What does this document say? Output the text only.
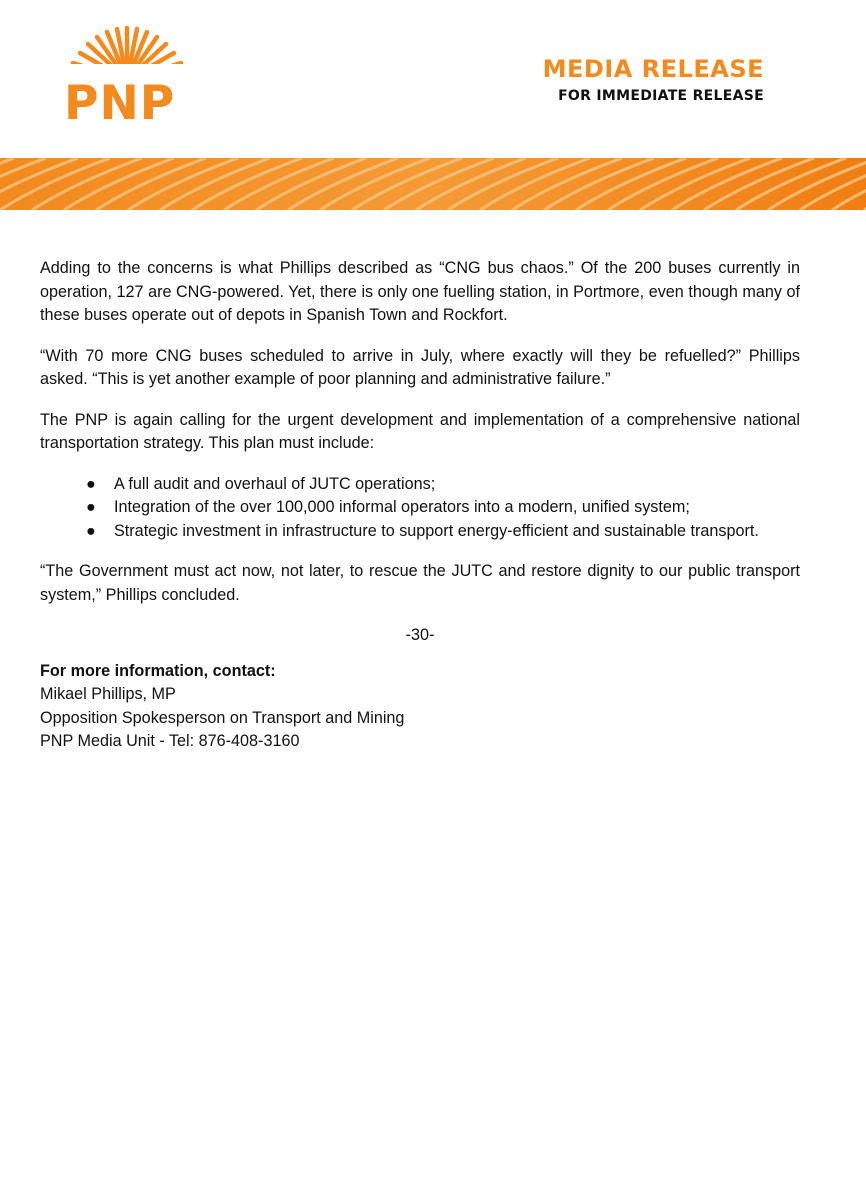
PNP
MEDIA RELEASE
FOR IMMEDIATE RELEASE

Adding to the concerns is what Phillips described as “CNG bus chaos.” Of the 200 buses currently in operation, 127 are CNG-powered. Yet, there is only one fuelling station, in Portmore, even though many of these buses operate out of depots in Spanish Town and Rockfort.

“With 70 more CNG buses scheduled to arrive in July, where exactly will they be refuelled?” Phillips asked. “This is yet another example of poor planning and administrative failure.”

The PNP is again calling for the urgent development and implementation of a comprehensive national transportation strategy. This plan must include:

● A full audit and overhaul of JUTC operations;
● Integration of the over 100,000 informal operators into a modern, unified system;
● Strategic investment in infrastructure to support energy-efficient and sustainable transport.

“The Government must act now, not later, to rescue the JUTC and restore dignity to our public transport system,” Phillips concluded.

-30-

For more information, contact:
Mikael Phillips, MP
Opposition Spokesperson on Transport and Mining
PNP Media Unit - Tel: 876-408-3160
